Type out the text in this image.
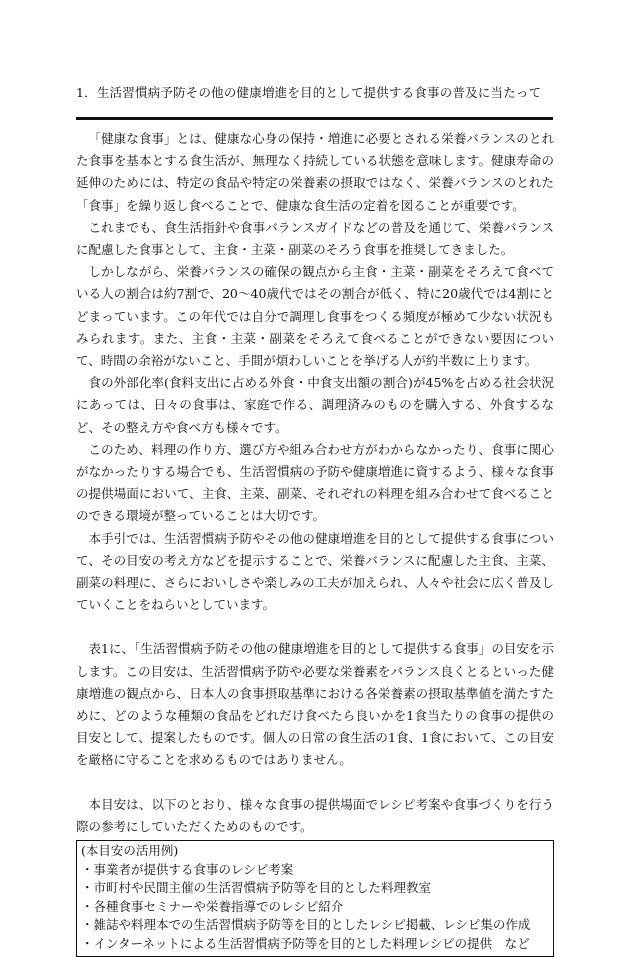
1．生活習慣病予防その他の健康増進を目的として提供する食事の普及に当たって

「健康な食事」とは、健康な心身の保持・増進に必要とされる栄養バランスのとれた食事を基本とする食生活が、無理なく持続している状態を意味します。健康寿命の延伸のためには、特定の食品や特定の栄養素の摂取ではなく、栄養バランスのとれた「食事」を繰り返し食べることで、健康な食生活の定着を図ることが重要です。

これまでも、食生活指針や食事バランスガイドなどの普及を通じて、栄養バランスに配慮した食事として、主食・主菜・副菜のそろう食事を推奨してきました。

しかしながら、栄養バランスの確保の観点から主食・主菜・副菜をそろえて食べている人の割合は約7割で、20～40歳代ではその割合が低く、特に20歳代では4割にとどまっています。この年代では自分で調理し食事をつくる頻度が極めて少ない状況もみられます。また、主食・主菜・副菜をそろえて食べることができない要因について、時間の余裕がないこと、手間が煩わしいことを挙げる人が約半数に上ります。

食の外部化率(食料支出に占める外食・中食支出額の割合)が45%を占める社会状況にあっては、日々の食事は、家庭で作る、調理済みのものを購入する、外食するなど、その整え方や食べ方も様々です。

このため、料理の作り方、選び方や組み合わせ方がわからなかったり、食事に関心がなかったりする場合でも、生活習慣病の予防や健康増進に資するよう、様々な食事の提供場面において、主食、主菜、副菜、それぞれの料理を組み合わせて食べることのできる環境が整っていることは大切です。

本手引では、生活習慣病予防やその他の健康増進を目的として提供する食事について、その目安の考え方などを提示することで、栄養バランスに配慮した主食、主菜、副菜の料理に、さらにおいしさや楽しみの工夫が加えられ、人々や社会に広く普及していくことをねらいとしています。

表1に、「生活習慣病予防その他の健康増進を目的として提供する食事」の目安を示します。この目安は、生活習慣病予防や必要な栄養素をバランス良くとるといった健康増進の観点から、日本人の食事摂取基準における各栄養素の摂取基準値を満たすために、どのような種類の食品をどれだけ食べたら良いかを1食当たりの食事の提供の目安として、提案したものです。個人の日常の食生活の1食、1食において、この目安を厳格に守ることを求めるものではありません。

本目安は、以下のとおり、様々な食事の提供場面でレシピ考案や食事づくりを行う際の参考にしていただくためのものです。

(本目安の活用例)
・事業者が提供する食事のレシピ考案
・市町村や民間主催の生活習慣病予防等を目的とした料理教室
・各種食事セミナーや栄養指導でのレシピ紹介
・雑誌や料理本での生活習慣病予防等を目的としたレシピ掲載、レシピ集の作成
・インターネットによる生活習慣病予防等を目的とした料理レシピの提供　など
